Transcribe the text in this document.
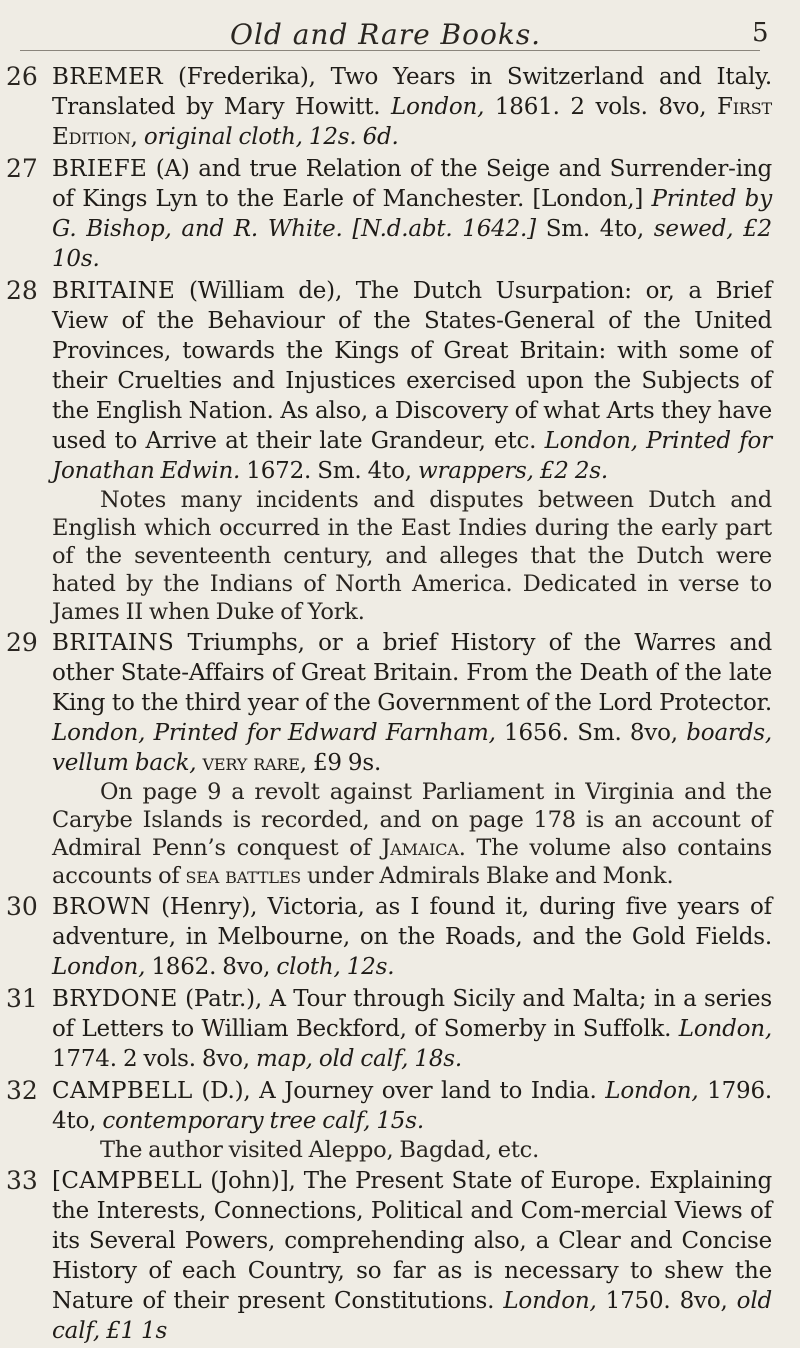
Old and Rare Books.	5
26 BREMER (Frederika), Two Years in Switzerland and Italy. Translated by Mary Howitt. London, 1861. 2 vols. 8vo, First Edition, original cloth, 12s. 6d.

27 BRIEFE (A) and true Relation of the Seige and Surrender-ing of Kings Lyn to the Earle of Manchester. [London,] Printed by G. Bishop, and R. White. [N.d.abt. 1642.] Sm. 4to, sewed, £2 10s.

28 BRITAINE (William de), The Dutch Usurpation: or, a Brief View of the Behaviour of the States-General of the United Provinces, towards the Kings of Great Britain: with some of their Cruelties and Injustices exercised upon the Subjects of the English Nation. As also, a Discovery of what Arts they have used to Arrive at their late Grandeur, etc. London, Printed for Jonathan Edwin. 1672. Sm. 4to, wrappers, £2 2s.

Notes many incidents and disputes between Dutch and English which occurred in the East Indies during the early part of the seventeenth century, and alleges that the Dutch were hated by the Indians of North America. Dedicated in verse to James II when Duke of York.

29 BRITAINS Triumphs, or a brief History of the Warres and other State-Affairs of Great Britain. From the Death of the late King to the third year of the Government of the Lord Protector. London, Printed for Edward Farnham, 1656. Sm. 8vo, boards, vellum back, very rare, £9 9s.

On page 9 a revolt against Parliament in Virginia and the Carybe Islands is recorded, and on page 178 is an account of Admiral Penn’s conquest of Jamaica. The volume also contains accounts of sea battles under Admirals Blake and Monk.

30 BROWN (Henry), Victoria, as I found it, during five years of adventure, in Melbourne, on the Roads, and the Gold Fields. London, 1862. 8vo, cloth, 12s.

31 BRYDONE (Patr.), A Tour through Sicily and Malta; in a series of Letters to William Beckford, of Somerby in Suffolk. London, 1774. 2 vols. 8vo, map, old calf, 18s.

32 CAMPBELL (D.), A Journey over land to India. London, 1796. 4to, contemporary tree calf, 15s.

The author visited Aleppo, Bagdad, etc.

33 [CAMPBELL (John)], The Present State of Europe. Explaining the Interests, Connections, Political and Com-mercial Views of its Several Powers, comprehending also, a Clear and Concise History of each Country, so far as is necessary to shew the Nature of their present Constitutions. London, 1750. 8vo, old calf, £1 1s
